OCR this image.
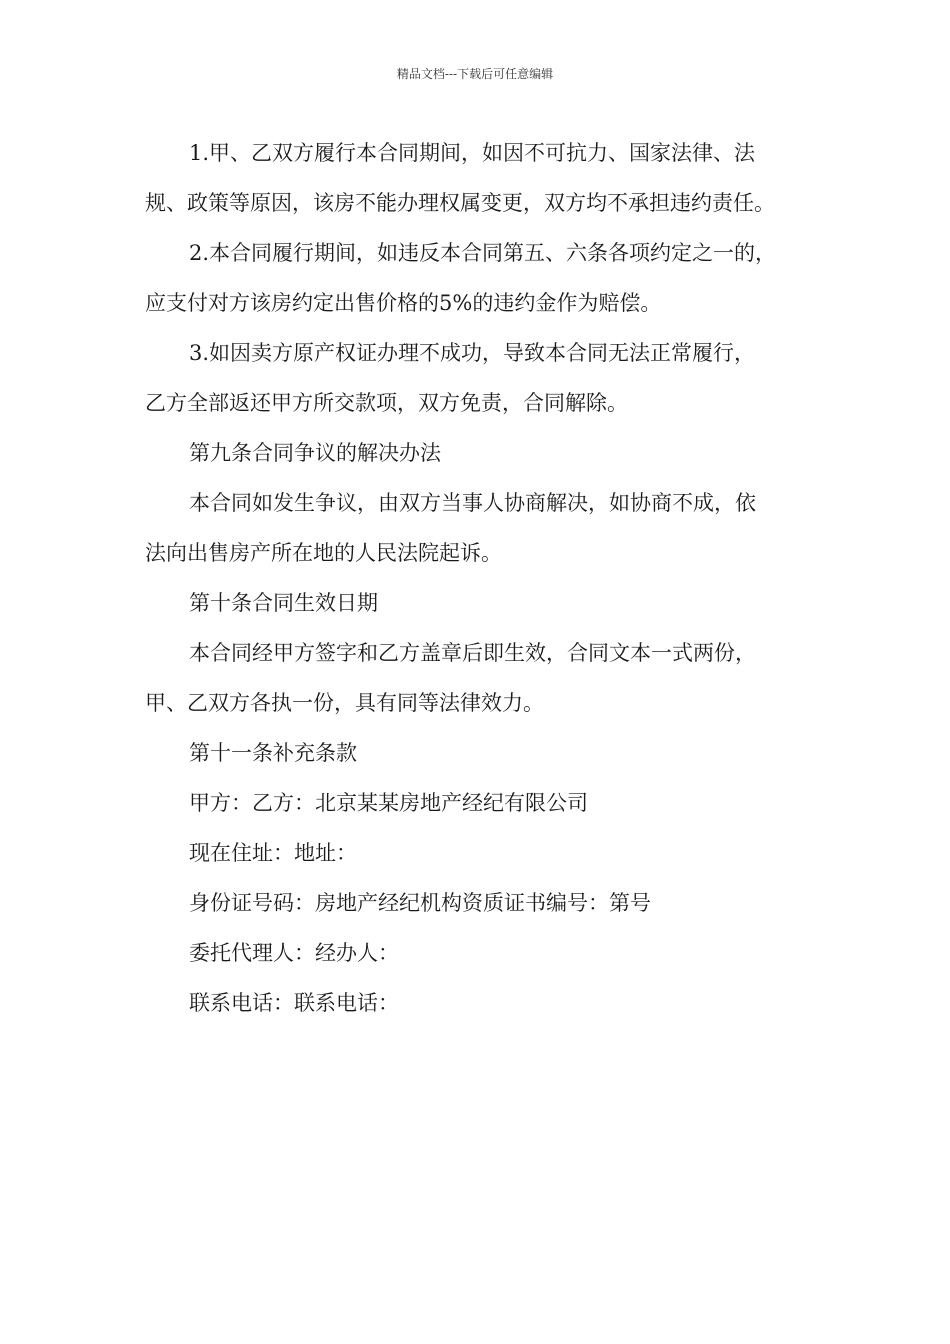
精品文档---下载后可任意编辑
1.甲、乙双方履行本合同期间，如因不可抗力、国家法律、法
规、政策等原因，该房不能办理权属变更，双方均不承担违约责任。
2.本合同履行期间，如违反本合同第五、六条各项约定之一的，
应支付对方该房约定出售价格的5%的违约金作为赔偿。
3.如因卖方原产权证办理不成功，导致本合同无法正常履行，
乙方全部返还甲方所交款项，双方免责，合同解除。
第九条合同争议的解决办法
本合同如发生争议，由双方当事人协商解决，如协商不成，依
法向出售房产所在地的人民法院起诉。
第十条合同生效日期
本合同经甲方签字和乙方盖章后即生效，合同文本一式两份，
甲、乙双方各执一份，具有同等法律效力。
第十一条补充条款
甲方：乙方：北京某某房地产经纪有限公司
现在住址：地址：
身份证号码：房地产经纪机构资质证书编号：第号
委托代理人：经办人：
联系电话：联系电话：
